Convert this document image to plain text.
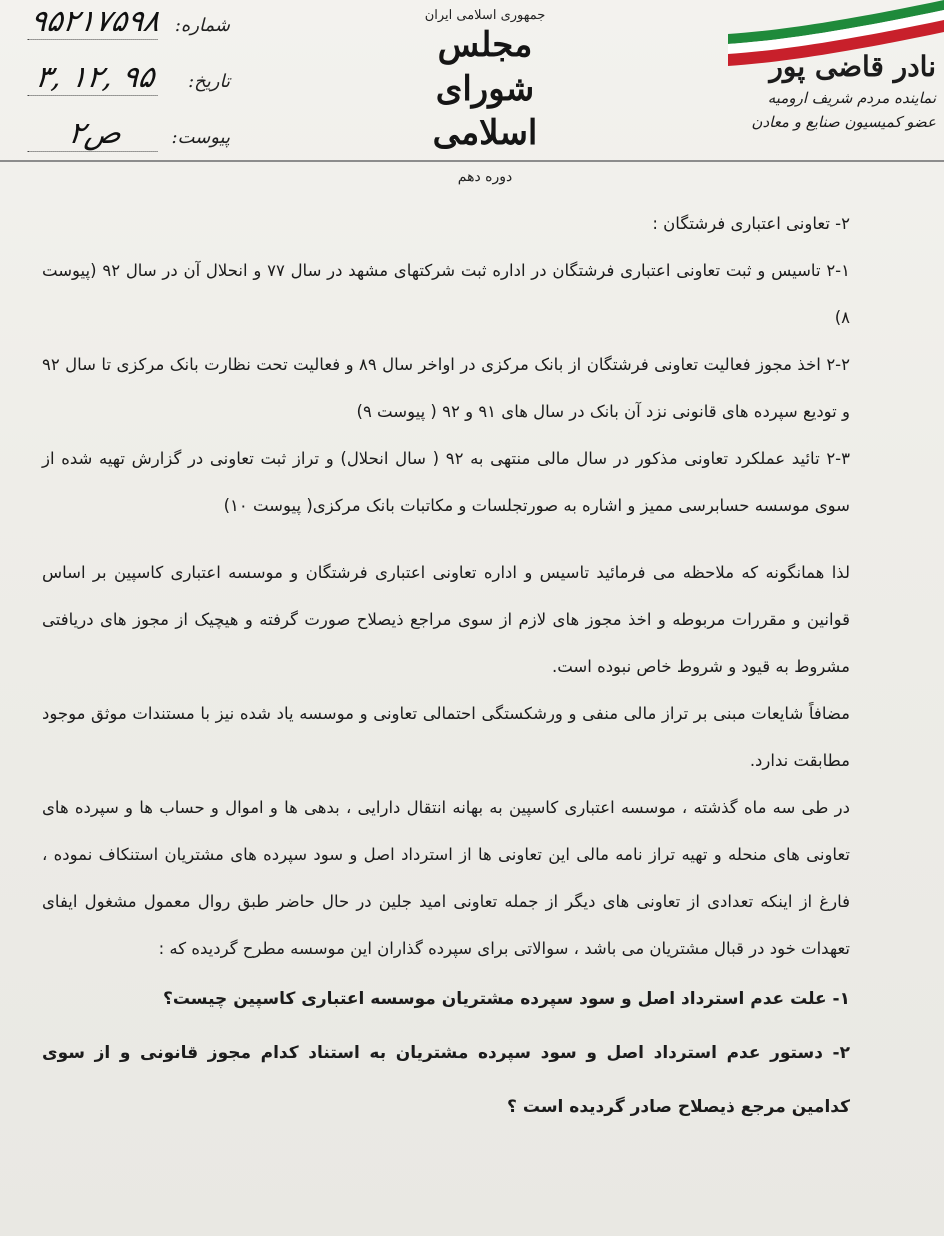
شماره:
۹۵۲۱۷۵۹۸
تاریخ:
۹۵ ,۱۲ ,۳
پیوست:
ص۲
جمهوری اسلامی ایران
مجلس شورای اسلامی
دوره دهم
نادر قاضی پور
نماینده مردم شریف ارومیه
عضو کمیسیون صنایع و معادن

۲- تعاونی اعتباری فرشتگان :

۲-۱ تاسیس و ثبت تعاونی اعتباری فرشتگان در اداره ثبت شرکتهای مشهد در سال ۷۷ و انحلال آن در سال ۹۲ (پیوست ۸)

۲-۲ اخذ مجوز فعالیت تعاونی فرشتگان از بانک مرکزی در اواخر سال ۸۹ و فعالیت تحت نظارت بانک مرکزی تا سال ۹۲ و تودیع سپرده های قانونی نزد آن بانک در سال های ۹۱ و ۹۲ ( پیوست ۹)

۲-۳ تائید عملکرد تعاونی مذکور در سال مالی منتهی به ۹۲ ( سال انحلال) و تراز ثبت تعاونی در گزارش تهیه شده از سوی موسسه حسابرسی ممیز و اشاره به صورتجلسات و مکاتبات بانک مرکزی( پیوست ۱۰)

لذا همانگونه که ملاحظه می فرمائید تاسیس و اداره تعاونی اعتباری فرشتگان و موسسه اعتباری کاسپین بر اساس قوانین و مقررات مربوطه و اخذ مجوز های لازم از سوی مراجع ذیصلاح صورت گرفته و هیچیک از مجوز های دریافتی مشروط به قیود و شروط خاص نبوده است.

مضافاً شایعات مبنی بر تراز مالی منفی و ورشکستگی احتمالی تعاونی و موسسه یاد شده نیز با مستندات موثق موجود مطابقت ندارد.

در طی سه ماه گذشته ، موسسه اعتباری کاسپین به بهانه انتقال دارایی ، بدهی ها و اموال و حساب ها و سپرده های تعاونی های منحله و تهیه تراز نامه مالی این تعاونی ها از استرداد اصل و سود سپرده های مشتریان استنکاف نموده ، فارغ از اینکه تعدادی از تعاونی های دیگر از جمله تعاونی امید جلین در حال حاضر طبق روال معمول مشغول ایفای تعهدات خود در قبال مشتریان می باشد ، سوالاتی برای سپرده گذاران این موسسه مطرح گردیده که :

۱- علت عدم استرداد اصل و سود سپرده مشتریان موسسه اعتباری کاسپین چیست؟

۲- دستور عدم استرداد اصل و سود سپرده مشتریان به استناد کدام مجوز قانونی و از سوی کدامین مرجع ذیصلاح صادر گردیده است ؟
